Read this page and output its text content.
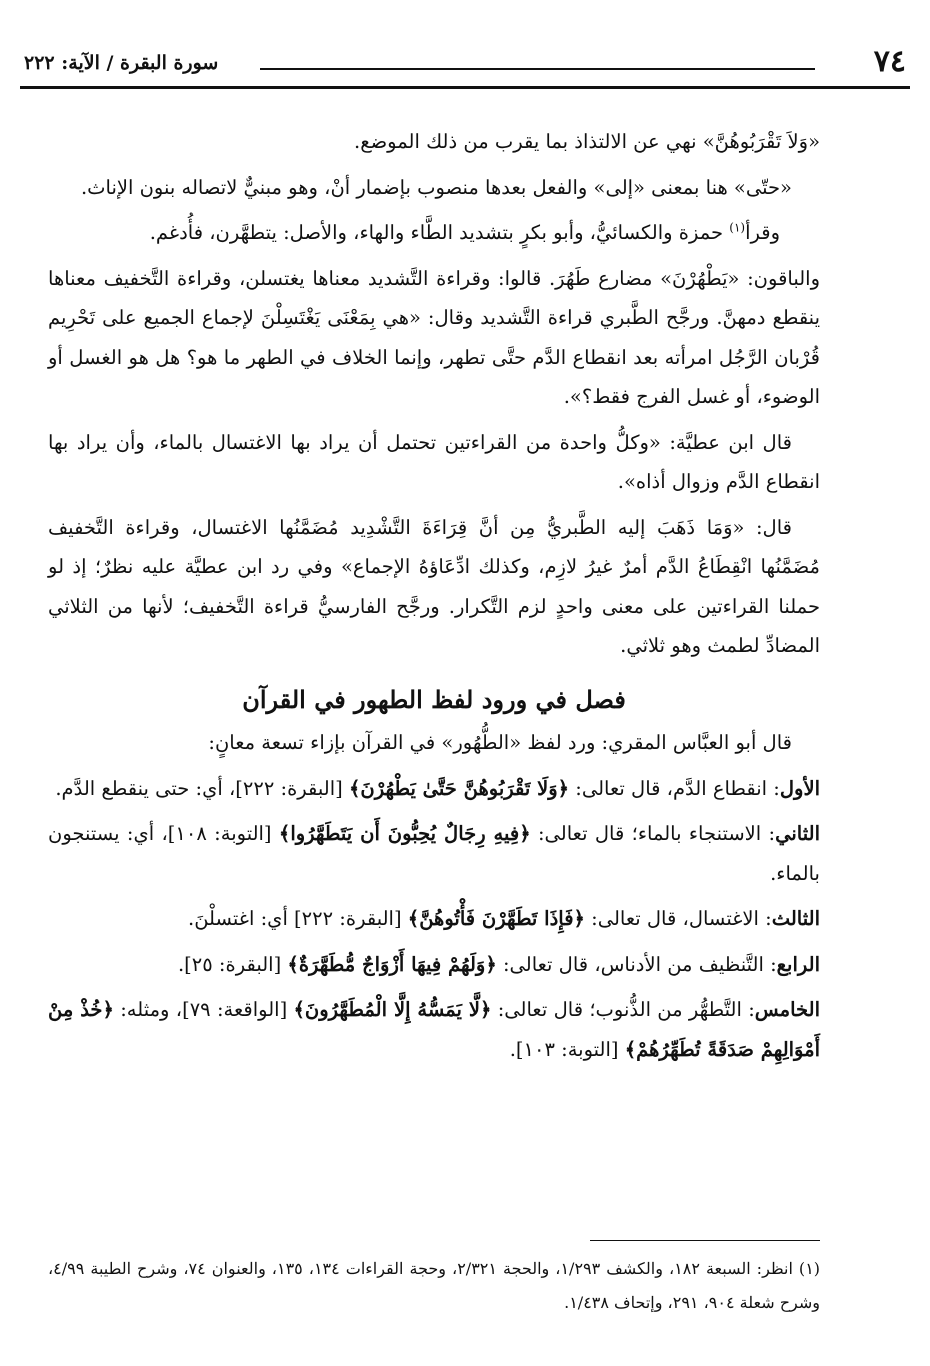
٧٤
سورة البقرة / الآية: ٢٢٢

«وَلاَ تَقْرَبُوهُنَّ» نهي عن الالتذاذ بما يقرب من ذلك الموضع.

«حتّى» هنا بمعنى «إلى» والفعل بعدها منصوب بإضمار أنْ، وهو مبنيٌّ لاتصاله بنون الإناث.

وقرأ$^{(١)}$ حمزة والكسائيُّ، وأبو بكرٍ بتشديد الطَّاء والهاء، والأصل: يتطهَّرن، فأُدغم.

والباقون: «يَطْهُرْنَ» مضارع طَهُرَ. قالوا: وقراءة التَّشديد معناها يغتسلن، وقراءة التَّخفيف معناها ينقطع دمهنَّ. ورجَّح الطَّبري قراءة التَّشديد وقال: «هي بِمَعْنَى يَغْتَسِلْنَ لإجماع الجميع على تَحْرِيم قُرْبان الرَّجُل امرأته بعد انقطاع الدَّم حتَّى تطهر، وإنما الخلاف في الطهر ما هو؟ هل هو الغسل أو الوضوء، أو غسل الفرج فقط؟».

قال ابن عطيَّة: «وكلُّ واحدة من القراءتين تحتمل أن يراد بها الاغتسال بالماء، وأن يراد بها انقطاع الدَّم وزوال أذاه».

قال: «وَمَا ذَهَبَ إليه الطَّبريُّ مِن أنَّ قِرَاءَةَ التَّشْدِيد مُضَمَّنُها الاغتسال، وقراءة التَّخفيف مُضَمَّنُها انْقِطَاعُ الدَّم أمرٌ غيرُ لازِم، وكذلك ادِّعَاؤهُ الإجماع» وفي رد ابن عطيَّة عليه نظرٌ؛ إذ لو حملنا القراءتين على معنى واحدٍ لزم التَّكرار. ورجَّح الفارسيُّ قراءة التَّخفيف؛ لأنها من الثلاثي المضادِّ لطمث وهو ثلاثي.

فصل في ورود لفظ الطهور في القرآن

قال أبو العبَّاس المقري: ورد لفظ «الطُّهُور» في القرآن بإزاء تسعة معانٍ:

الأول: انقطاع الدَّم، قال تعالى: ﴿وَلَا تَقْرَبُوهُنَّ حَتَّىٰ يَطْهُرْنَ﴾ [البقرة: ٢٢٢]، أي: حتى ينقطع الدَّم.

الثاني: الاستنجاء بالماء؛ قال تعالى: ﴿فِيهِ رِجَالٌ يُحِبُّونَ أَن يَتَطَهَّرُوا﴾ [التوبة: ١٠٨]، أي: يستنجون بالماء.

الثالث: الاغتسال، قال تعالى: ﴿فَإِذَا تَطَهَّرْنَ فَأْتُوهُنَّ﴾ [البقرة: ٢٢٢] أي: اغتسلْنَ.

الرابع: التَّنظيف من الأدناس، قال تعالى: ﴿وَلَهُمْ فِيهَا أَزْوَاجٌ مُّطَهَّرَةٌ﴾ [البقرة: ٢٥].

الخامس: التَّطهُّر من الذُّنوب؛ قال تعالى: ﴿لَّا يَمَسُّهُ إِلَّا الْمُطَهَّرُونَ﴾ [الواقعة: ٧٩]، ومثله: ﴿خُذْ مِنْ أَمْوَالِهِمْ صَدَقَةً تُطَهِّرُهُمْ﴾ [التوبة: ١٠٣].

(١) انظر: السبعة ١٨٢، والكشف ١/٢٩٣، والحجة ٢/٣٢١، وحجة القراءات ١٣٤، ١٣٥، والعنوان ٧٤، وشرح الطيبة ٤/٩٩، وشرح شعلة ٩٠٤، ٢٩١، وإتحاف ١/٤٣٨.
